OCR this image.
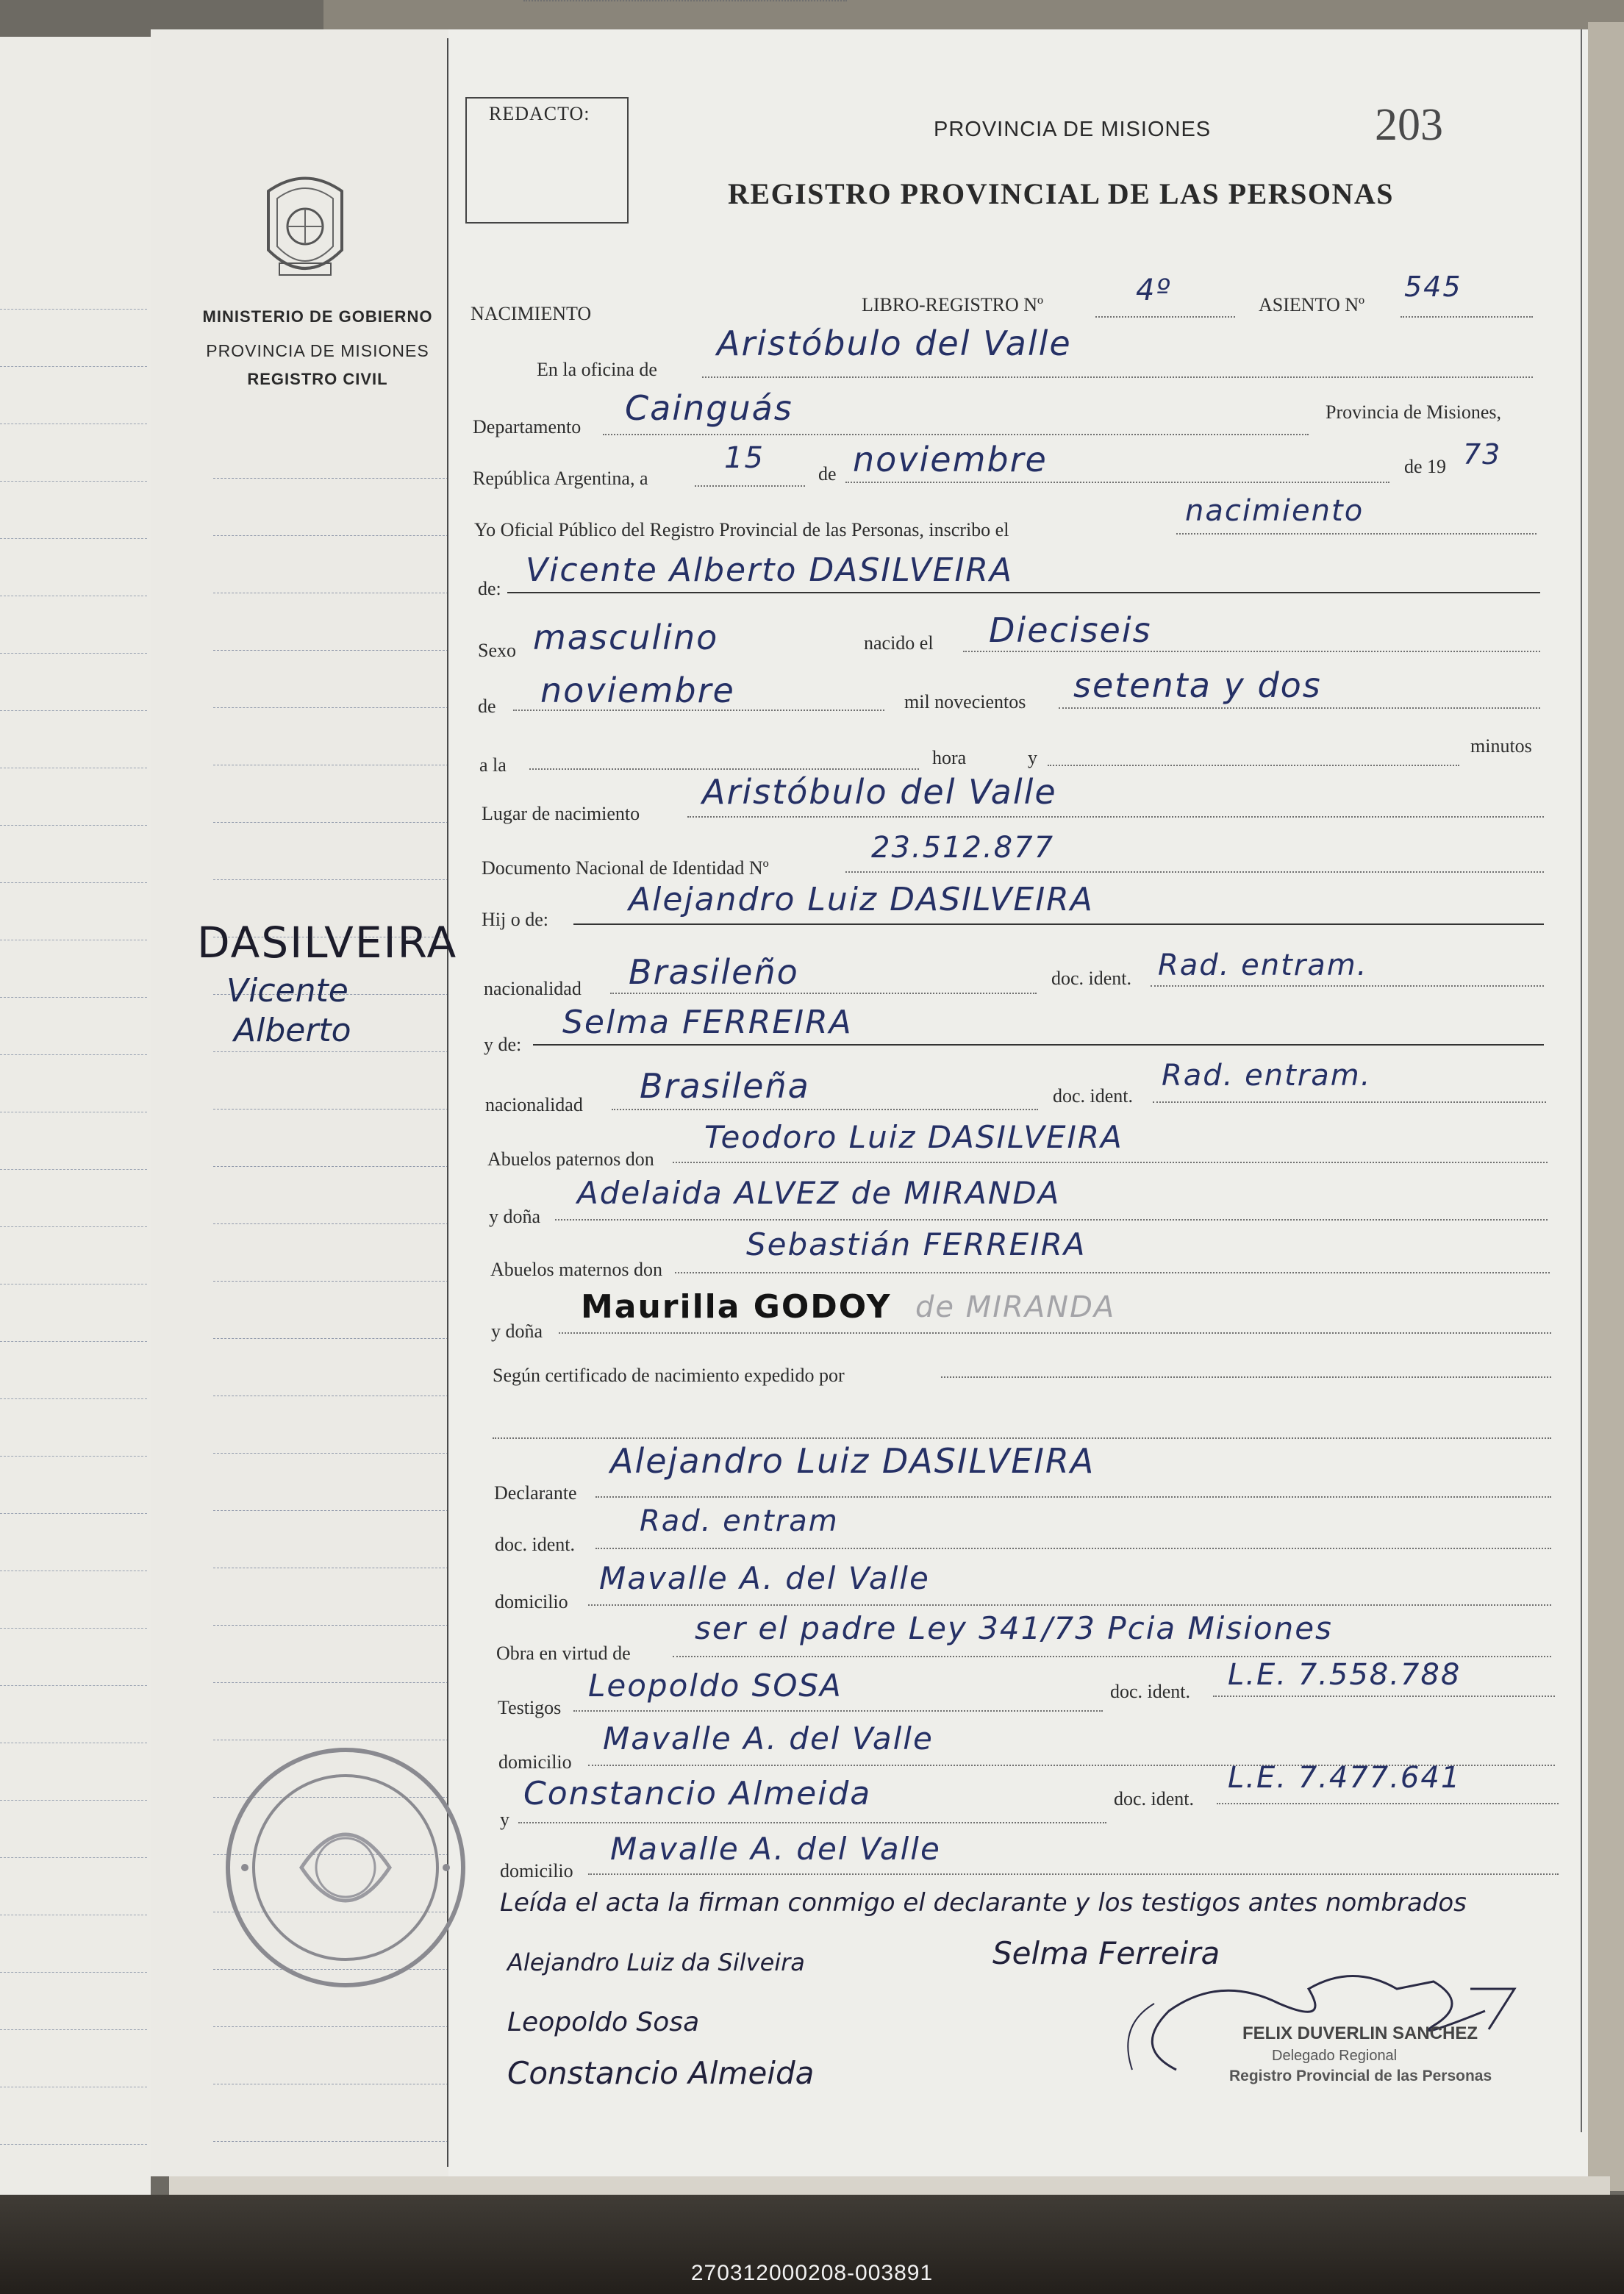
REDACTO:
PROVINCIA DE MISIONES	203
REGISTRO PROVINCIAL DE LAS PERSONAS
MINISTERIO DE GOBIERNO
PROVINCIA DE MISIONES
REGISTRO CIVIL
DASILVEIRA
Vicente
Alberto
NACIMIENTO	LIBRO-REGISTRO Nº	4º	ASIENTO Nº
545
En la oficina de
Aristóbulo del Valle
Departamento Cainguás	Provincia de Misiones,
República Argentina, a
15	de noviembre	de 19 73
Yo Oficial Público del Registro Provincial de las Personas, inscribo el
nacimiento
de: Vicente Alberto DASILVEIRA
Sexo masculino	nacido el Dieciseis
de noviembre	mil novecientos setenta y dos
a la	hora	y
minutos
Lugar de nacimiento
Aristóbulo del Valle
Documento Nacional de Identidad Nº
23.512.877
Hij o de:
Alejandro Luiz DASILVEIRA
nacionalidad Brasileño	doc. ident. Rad. entram.
y de:
Selma FERREIRA
nacionalidad Brasileña	doc. ident.
Rad. entram.
Abuelos paternos don
Teodoro Luiz DASILVEIRA
y doña
Adelaida ALVEZ de MIRANDA
Abuelos maternos don
Sebastián FERREIRA
y doña
Maurilla GODOY de MIRANDA
Según certificado de nacimiento expedido por
Declarante
Alejandro Luiz DASILVEIRA
doc. ident.
Rad. entram
domicilio
Mavalle A. del Valle
Obra en virtud de
ser el padre Ley 341/73 Pcia Misiones
Testigos
Leopoldo SOSA	doc. ident. L.E. 7.558.788
domicilio
Mavalle A. del Valle
y
Constancio Almeida	doc. ident.
L.E. 7.477.641
domicilio
Mavalle A. del Valle
Leída el acta la firman conmigo el declarante y los testigos antes nombrados
Alejandro Luiz da Silveira	Selma Ferreira
Leopoldo Sosa
Constancio Almeida
FELIX DUVERLIN SANCHEZ
Delegado Regional
Registro Provincial de las Personas
270312000208-003891
